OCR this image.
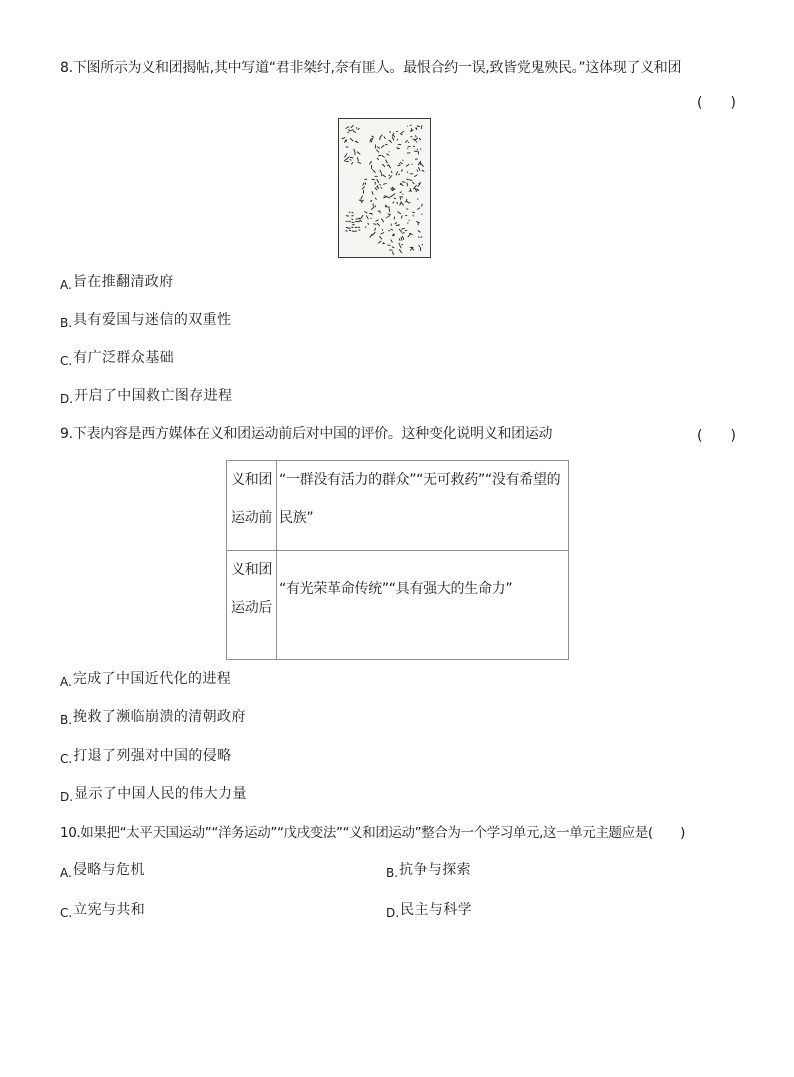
8.下图所示为义和团揭帖,其中写道“君非桀纣,奈有匪人。最恨合约一误,致皆党鬼殃民。”这体现了义和团
(　　)
A.旨在推翻清政府
B.具有爱国与迷信的双重性
C.有广泛群众基础
D.开启了中国救亡图存进程
9.下表内容是西方媒体在义和团运动前后对中国的评价。这种变化说明义和团运动	(　　)
义和团运动前	“一群没有活力的群众”“无可救药”“没有希望的民族”
义和团运动后	“有光荣革命传统”“具有强大的生命力”
A.完成了中国近代化的进程
B.挽救了濒临崩溃的清朝政府
C.打退了列强对中国的侵略
D.显示了中国人民的伟大力量
10.如果把“太平天国运动”“洋务运动”“戊戌变法”“义和团运动”整合为一个学习单元,这一单元主题应是(　　)
A.侵略与危机	B.抗争与探索
C.立宪与共和	D.民主与科学
